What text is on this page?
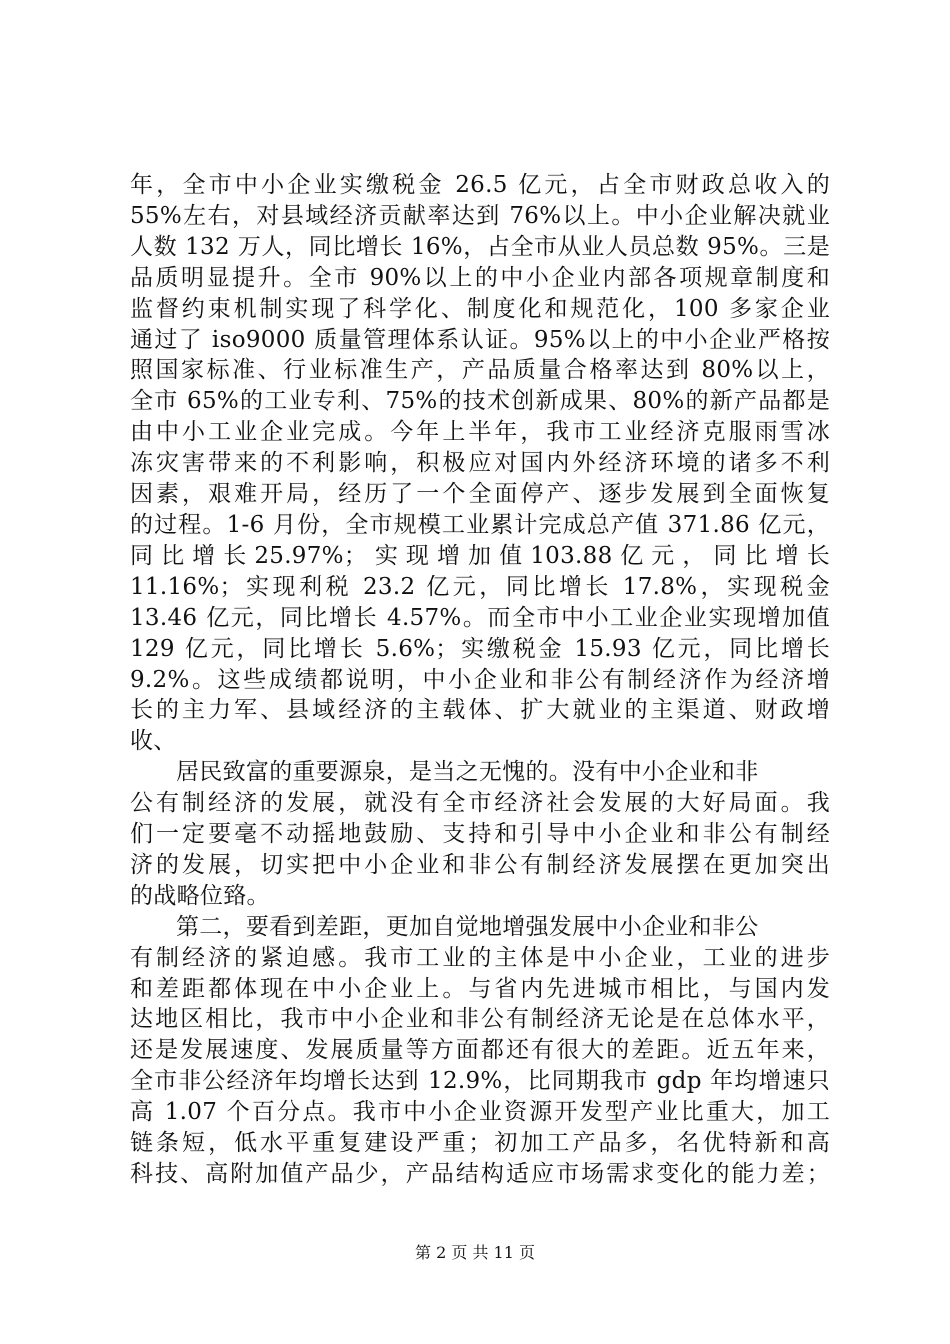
年，全市中小企业实缴税金 26.5 亿元，占全市财政总收入的
55%左右，对县域经济贡献率达到 76%以上。中小企业解决就业
人数 132 万人，同比增长 16%，占全市从业人员总数 95%。三是
品质明显提升。全市 90%以上的中小企业内部各项规章制度和
监督约束机制实现了科学化、制度化和规范化，100 多家企业
通过了 iso9000 质量管理体系认证。95%以上的中小企业严格按
照国家标准、行业标准生产，产品质量合格率达到 80%以上，
全市 65%的工业专利、75%的技术创新成果、80%的新产品都是
由中小工业企业完成。今年上半年，我市工业经济克服雨雪冰
冻灾害带来的不利影响，积极应对国内外经济环境的诸多不利
因素，艰难开局，经历了一个全面停产、逐步发展到全面恢复
的过程。1-6 月份，全市规模工业累计完成总产值 371.86 亿元，
同 比 增 长 25.97%； 实 现 增 加 值 103.88 亿 元 ， 同 比 增 长
11.16%；实现利税 23.2 亿元，同比增长 17.8%，实现税金
13.46 亿元，同比增长 4.57%。而全市中小工业企业实现增加值
129 亿元，同比增长 5.6%；实缴税金 15.93 亿元，同比增长
9.2%。这些成绩都说明，中小企业和非公有制经济作为经济增
长的主力军、县域经济的主载体、扩大就业的主渠道、财政增
收、
居民致富的重要源泉，是当之无愧的。没有中小企业和非
公有制经济的发展，就没有全市经济社会发展的大好局面。我
们一定要毫不动摇地鼓励、支持和引导中小企业和非公有制经
济的发展，切实把中小企业和非公有制经济发展摆在更加突出
的战略位臵。
第二，要看到差距，更加自觉地增强发展中小企业和非公
有制经济的紧迫感。我市工业的主体是中小企业，工业的进步
和差距都体现在中小企业上。与省内先进城市相比，与国内发
达地区相比，我市中小企业和非公有制经济无论是在总体水平，
还是发展速度、发展质量等方面都还有很大的差距。近五年来，
全市非公经济年均增长达到 12.9%，比同期我市 gdp 年均增速只
高 1.07 个百分点。我市中小企业资源开发型产业比重大，加工
链条短，低水平重复建设严重；初加工产品多，名优特新和高
科技、高附加值产品少，产品结构适应市场需求变化的能力差；
第 2 页 共 11 页
